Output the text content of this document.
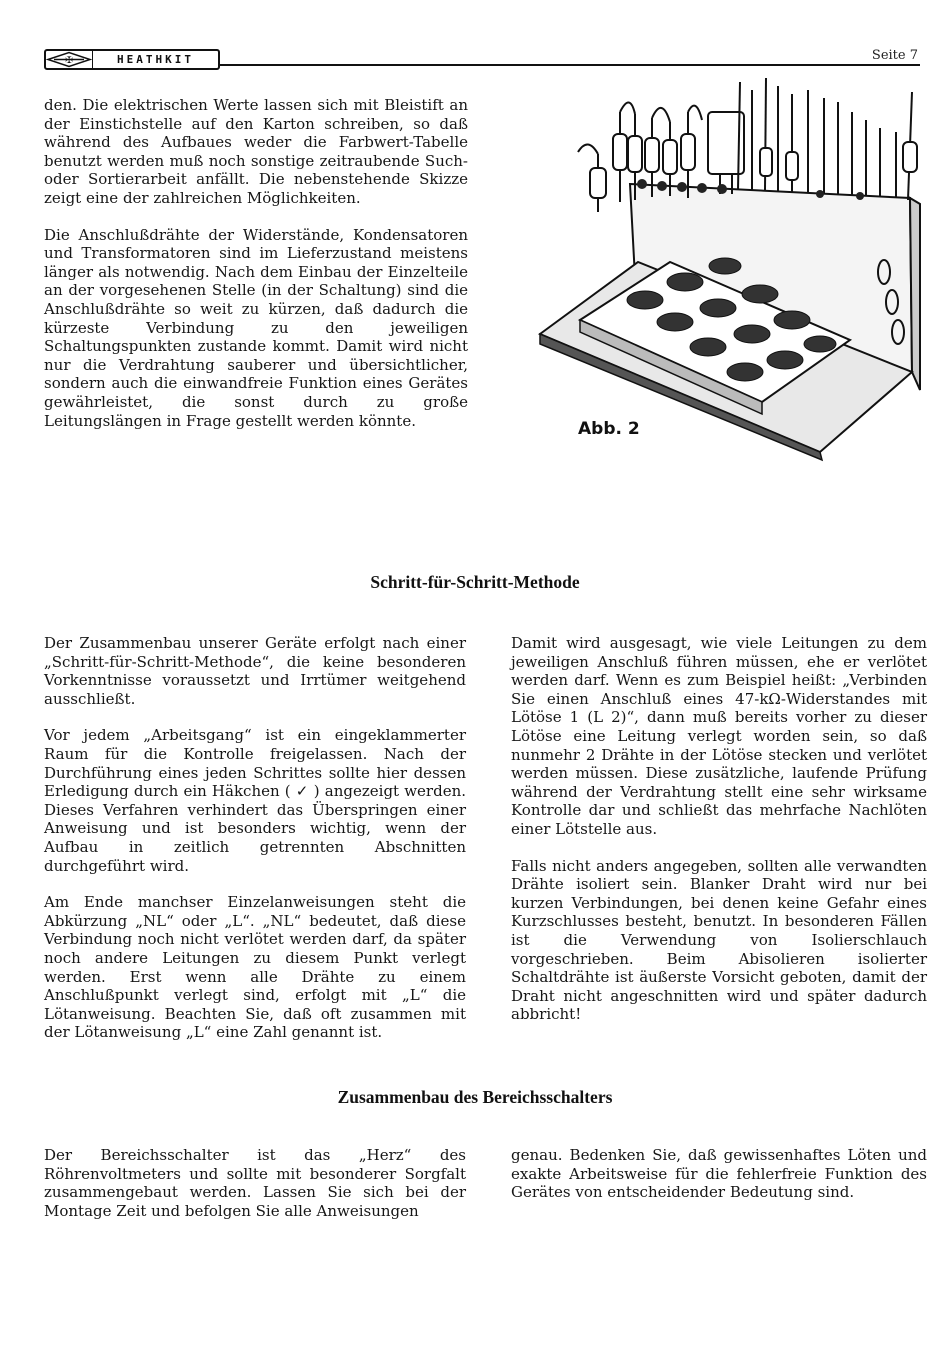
✠	HEATHKIT	Seite 7

den. Die elektrischen Werte lassen sich mit Bleistift an der Einstichstelle auf den Karton schreiben, so daß während des Aufbaues weder die Farbwert-Tabelle benutzt werden muß noch sonstige zeitraubende Such- oder Sortierarbeit anfällt. Die nebenstehende Skizze zeigt eine der zahlreichen Möglichkeiten.

Die Anschlußdrähte der Widerstände, Kondensatoren und Transformatoren sind im Lieferzustand meistens länger als notwendig. Nach dem Einbau der Einzelteile an der vorgesehenen Stelle (in der Schaltung) sind die Anschlußdrähte so weit zu kürzen, daß dadurch die kürzeste Verbindung zu den jeweiligen Schaltungspunkten zustande kommt. Damit wird nicht nur die Verdrahtung sauberer und übersichtlicher, sondern auch die einwandfreie Funktion eines Gerätes gewährleistet, die sonst durch zu große Leitungslängen in Frage gestellt werden könnte.	Abb. 2
Schritt-für-Schritt-Methode

Der Zusammenbau unserer Geräte erfolgt nach einer „Schritt-für-Schritt-Methode“, die keine besonderen Vorkenntnisse voraussetzt und Irrtümer weitgehend ausschließt.

Vor jedem „Arbeitsgang“ ist ein eingeklammerter Raum für die Kontrolle freigelassen. Nach der Durchführung eines jeden Schrittes sollte hier dessen Erledigung durch ein Häkchen ( ✓ ) angezeigt werden. Dieses Verfahren verhindert das Überspringen einer Anweisung und ist besonders wichtig, wenn der Aufbau in zeitlich getrennten Abschnitten durchgeführt wird.

Am Ende manchser Einzelanweisungen steht die Abkürzung „NL“ oder „L“. „NL“ bedeutet, daß diese Verbindung noch nicht verlötet werden darf, da später noch andere Leitungen zu diesem Punkt verlegt werden. Erst wenn alle Drähte zu einem Anschlußpunkt verlegt sind, erfolgt mit „L“ die Lötanweisung. Beachten Sie, daß oft zusammen mit der Lötanweisung „L“ eine Zahl genannt ist.

Damit wird ausgesagt, wie viele Leitungen zu dem jeweiligen Anschluß führen müssen, ehe er verlötet werden darf. Wenn es zum Beispiel heißt: „Verbinden Sie einen Anschluß eines 47-kΩ-Widerstandes mit Lötöse 1 (L 2)“, dann muß bereits vorher zu dieser Lötöse eine Leitung verlegt worden sein, so daß nunmehr 2 Drähte in der Lötöse stecken und verlötet werden müssen. Diese zusätzliche, laufende Prüfung während der Verdrahtung stellt eine sehr wirksame Kontrolle dar und schließt das mehrfache Nachlöten einer Lötstelle aus.

Falls nicht anders angegeben, sollten alle verwandten Drähte isoliert sein. Blanker Draht wird nur bei kurzen Verbindungen, bei denen keine Gefahr eines Kurzschlusses besteht, benutzt. In besonderen Fällen ist die Verwendung von Isolierschlauch vorgeschrieben. Beim Abisolieren isolierter Schaltdrähte ist äußerste Vorsicht geboten, damit der Draht nicht angeschnitten wird und später dadurch abbricht!

Zusammenbau des Bereichsschalters

Der Bereichsschalter ist das „Herz“ des Röhrenvoltmeters und sollte mit besonderer Sorgfalt zusammengebaut werden. Lassen Sie sich bei der Montage Zeit und befolgen Sie alle Anweisungen

genau. Bedenken Sie, daß gewissenhaftes Löten und exakte Arbeitsweise für die fehlerfreie Funktion des Gerätes von entscheidender Bedeutung sind.
